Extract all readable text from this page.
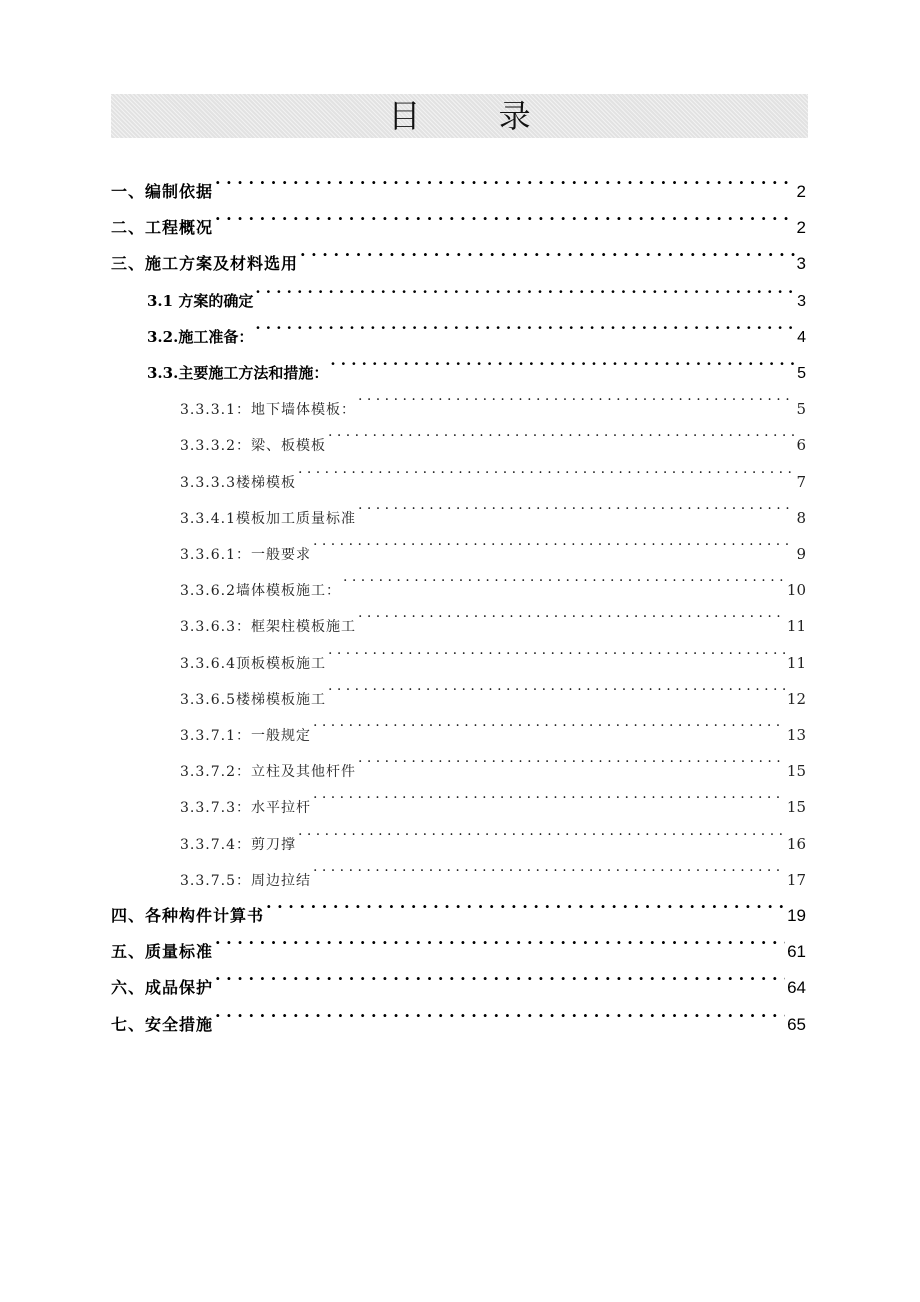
目 录
一、编制依据 . . .	2
二、工程概况 . . .	2
三、施工方案及材料选用 . . .	3
3.1 方案的确定 . . .	3
3.2.施工准备： . . .	4
3.3.主要施工方法和措施： . . .	5
3.3.3.1：地下墙体模板： . . .	5
3.3.3.2：梁、板模板 . . .	6
3.3.3.3楼梯模板 . . .	7
3.3.4.1模板加工质量标准 . . .	8
3.3.6.1：一般要求 . . .	9
3.3.6.2墙体模板施工： . . .	10
3.3.6.3：框架柱模板施工 . . .	11
3.3.6.4顶板模板施工 . . .	11
3.3.6.5楼梯模板施工 . . .	12
3.3.7.1：一般规定 . . .	13
3.3.7.2：立柱及其他杆件 . . .	15
3.3.7.3：水平拉杆 . . .	15
3.3.7.4：剪刀撑 . . .	16
3.3.7.5：周边拉结 . . .	17
四、各种构件计算书 . . .	19
五、质量标准 . . .	61
六、成品保护 . . .	64
七、安全措施 . . .	65
